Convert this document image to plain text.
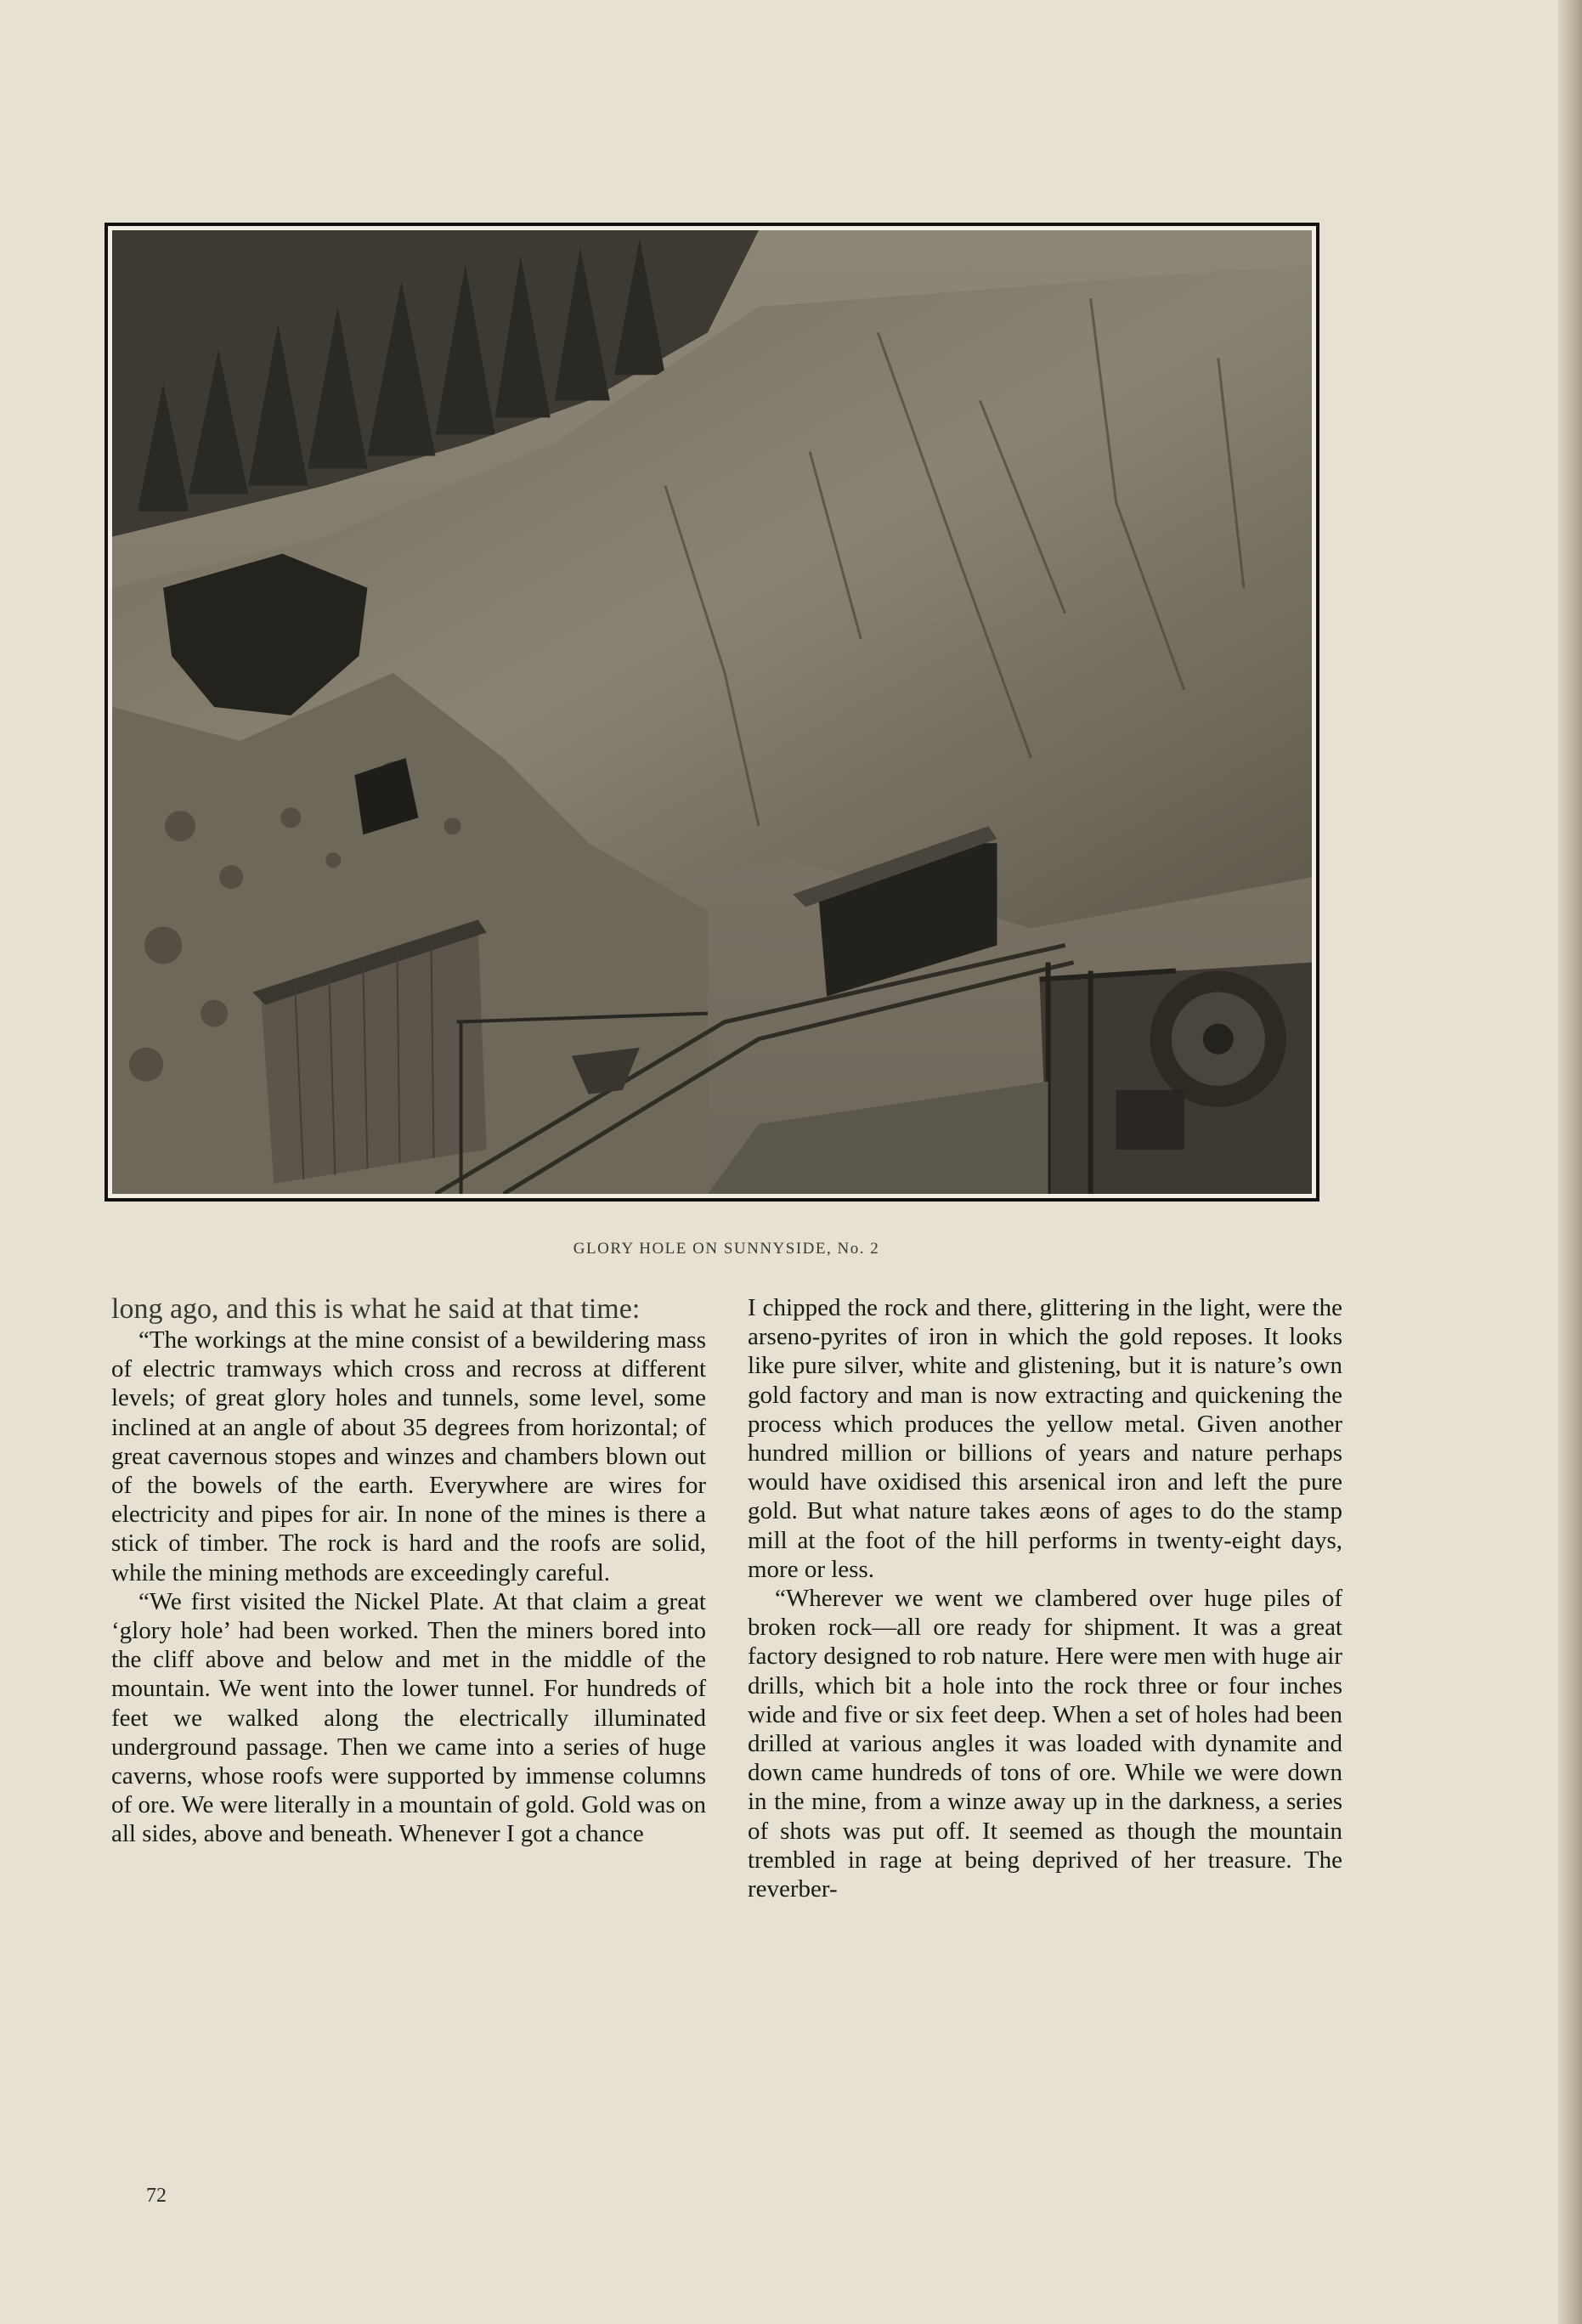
GLORY HOLE ON SUNNYSIDE, No. 2

long ago, and this is what he said at that time:

“The workings at the mine consist of a bewildering mass of electric tramways which cross and recross at different levels; of great glory holes and tunnels, some level, some inclined at an angle of about 35 degrees from horizontal; of great cavernous stopes and winzes and chambers blown out of the bowels of the earth. Everywhere are wires for electricity and pipes for air. In none of the mines is there a stick of timber. The rock is hard and the roofs are solid, while the mining methods are exceedingly careful.

“We first visited the Nickel Plate. At that claim a great ‘glory hole’ had been worked. Then the miners bored into the cliff above and below and met in the middle of the mountain. We went into the lower tunnel. For hundreds of feet we walked along the electrically illuminated underground passage. Then we came into a series of huge caverns, whose roofs were supported by immense columns of ore. We were literally in a mountain of gold. Gold was on all sides, above and beneath. Whenever I got a chance

I chipped the rock and there, glittering in the light, were the arseno-pyrites of iron in which the gold reposes. It looks like pure silver, white and glistening, but it is nature’s own gold factory and man is now extracting and quickening the process which produces the yellow metal. Given another hundred million or billions of years and nature perhaps would have oxidised this arsenical iron and left the pure gold. But what nature takes æons of ages to do the stamp mill at the foot of the hill performs in twenty-eight days, more or less.

“Wherever we went we clambered over huge piles of broken rock—all ore ready for shipment. It was a great factory designed to rob nature. Here were men with huge air drills, which bit a hole into the rock three or four inches wide and five or six feet deep. When a set of holes had been drilled at various angles it was loaded with dynamite and down came hundreds of tons of ore. While we were down in the mine, from a winze away up in the darkness, a series of shots was put off. It seemed as though the mountain trembled in rage at being deprived of her treasure. The reverber-

72
